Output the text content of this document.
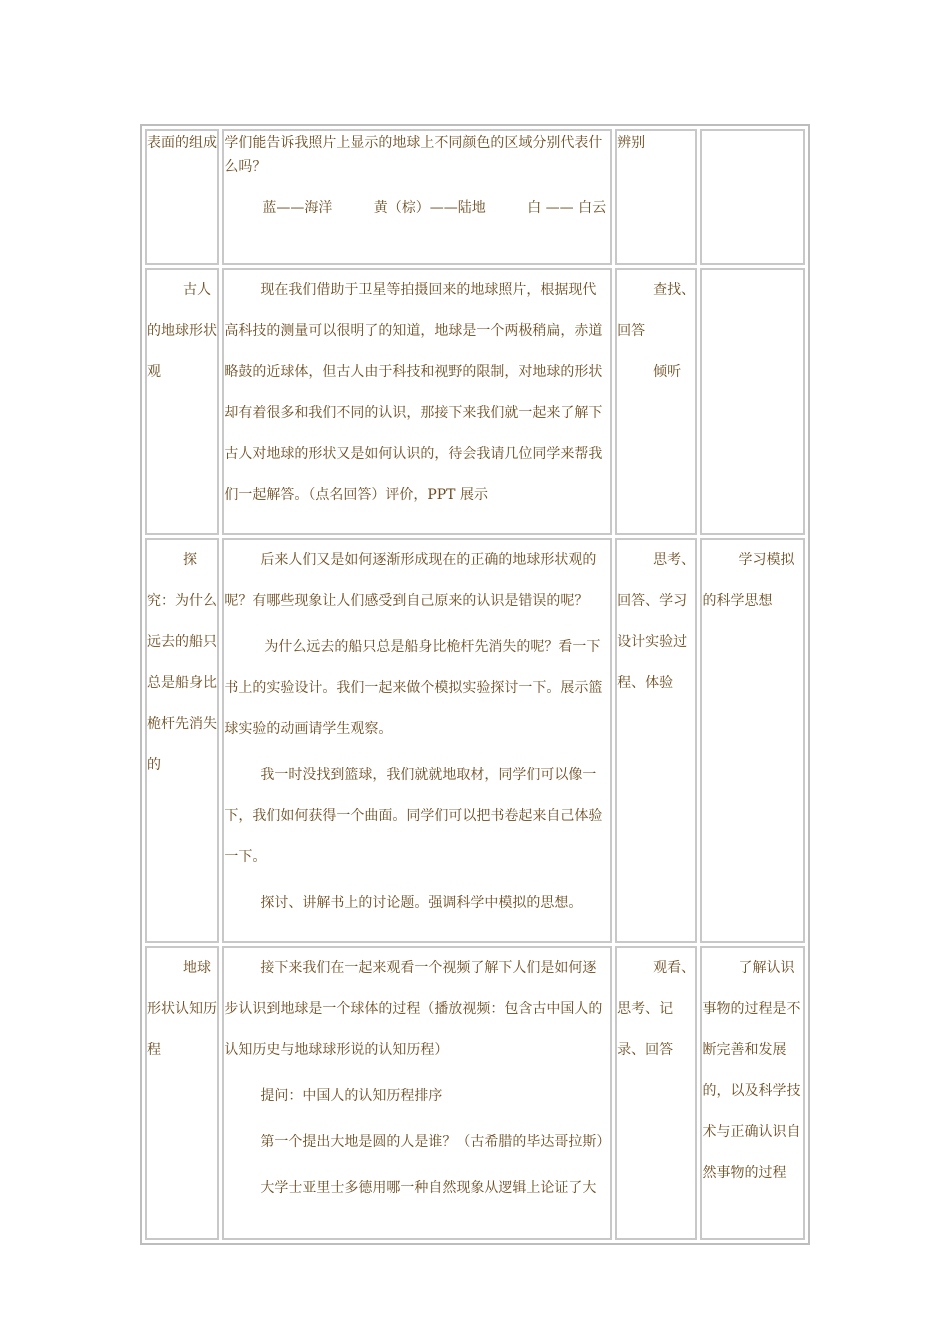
表面的组成	学们能告诉我照片上显示的地球上不同颜色的区域分别代表什么吗？

蓝——海洋 黄（棕）——陆地 白 —— 白云	辨别	

古人的地球形状观	现在我们借助于卫星等拍摄回来的地球照片，根据现代高科技的测量可以很明了的知道，地球是一个两极稍扁，赤道略鼓的近球体，但古人由于科技和视野的限制，对地球的形状却有着很多和我们不同的认识，那接下来我们就一起来了解下古人对地球的形状又是如何认识的，待会我请几位同学来帮我们一起解答。（点名回答）评价，PPT 展示	查找、回答

倾听	

探究：为什么远去的船只总是船身比桅杆先消失的	后来人们又是如何逐渐形成现在的正确的地球形状观的呢？有哪些现象让人们感受到自己原来的认识是错误的呢？

为什么远去的船只总是船身比桅杆先消失的呢？看一下书上的实验设计。我们一起来做个模拟实验探讨一下。展示篮球实验的动画请学生观察。

我一时没找到篮球，我们就就地取材，同学们可以像一下，我们如何获得一个曲面。同学们可以把书卷起来自己体验一下。

探讨、讲解书上的讨论题。强调科学中模拟的思想。	思考、回答、学习设计实验过程、体验	学习模拟的科学思想

地球形状认知历程	接下来我们在一起来观看一个视频了解下人们是如何逐步认识到地球是一个球体的过程（播放视频：包含古中国人的认知历史与地球球形说的认知历程）

提问：中国人的认知历程排序

第一个提出大地是圆的人是谁？（古希腊的毕达哥拉斯）

大学士亚里士多德用哪一种自然现象从逻辑上论证了大	观看、思考、记录、回答	了解认识事物的过程是不断完善和发展的，以及科学技术与正确认识自然事物的过程
